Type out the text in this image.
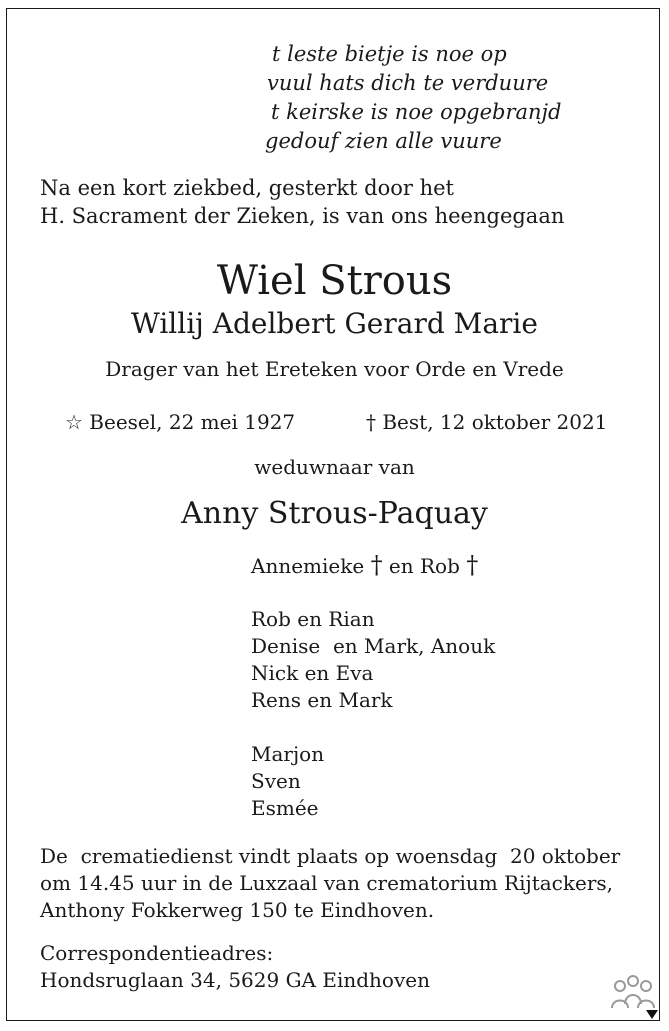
t leste bietje is noe op

vuul hats dich te verduure

t keirske is noe opgebranjd

gedouf zien alle vuure

Na een kort ziekbed, gesterkt door het

H. Sacrament der Zieken, is van ons heengegaan

Wiel Strous

Willij Adelbert Gerard Marie

Drager van het Ereteken voor Orde en Vrede

☆ Beesel, 22 mei 1927	† Best, 12 oktober 2021

weduwnaar van

Anny Strous-Paquay

Annemieke † en Rob †

Rob en Rian

Denise  en Mark, Anouk

Nick en Eva

Rens en Mark

Marjon

Sven

Esmée

De  crematiedienst vindt plaats op woensdag  20 oktober

om 14.45 uur in de Luxzaal van crematorium Rijtackers,

Anthony Fokkerweg 150 te Eindhoven.

Correspondentieadres:

Hondsruglaan 34, 5629 GA Eindhoven
